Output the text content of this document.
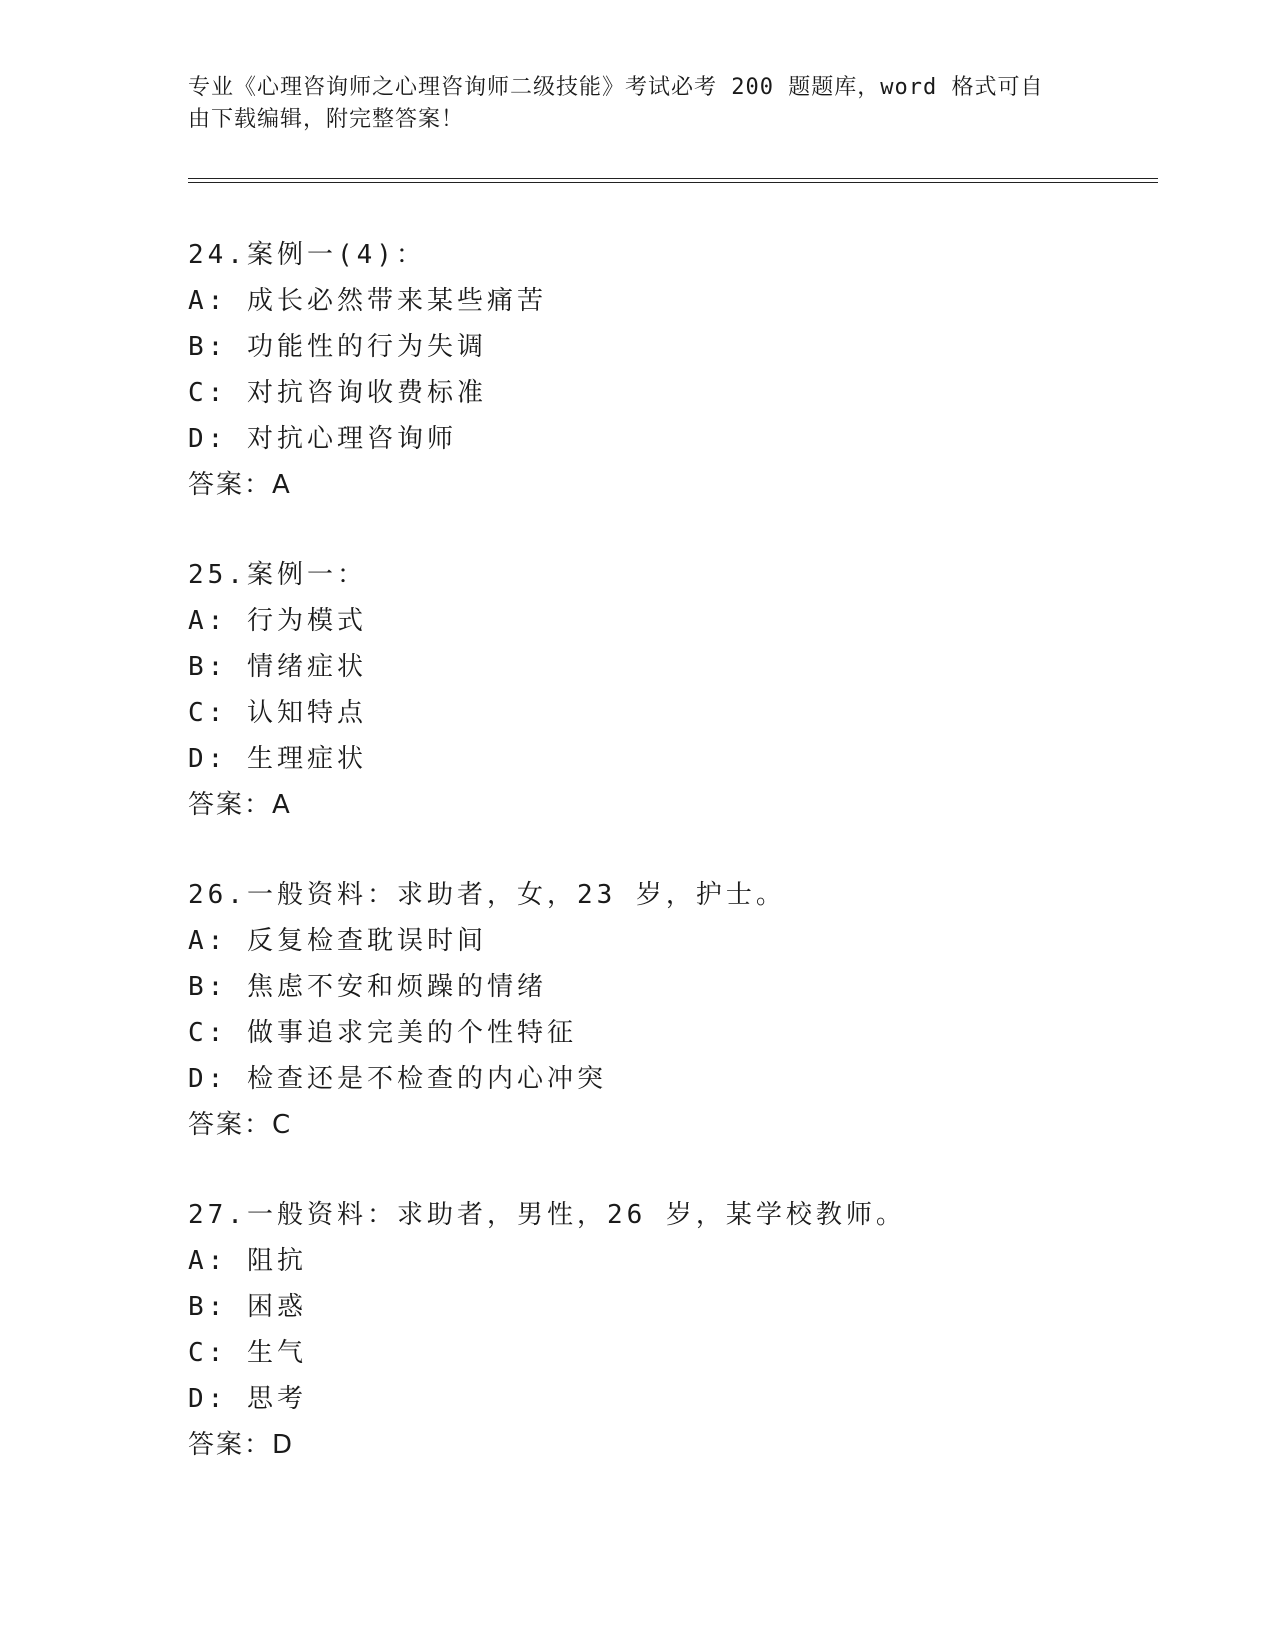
专业《心理咨询师之心理咨询师二级技能》考试必考 200 题题库，word 格式可自
由下载编辑，附完整答案！
24.案例一(4)：
A: 成长必然带来某些痛苦
B: 功能性的行为失调
C: 对抗咨询收费标准
D: 对抗心理咨询师
答案：A
25.案例一：
A: 行为模式
B: 情绪症状
C: 认知特点
D: 生理症状
答案：A
26.一般资料：求助者，女，23 岁，护士。
A: 反复检查耽误时间
B: 焦虑不安和烦躁的情绪
C: 做事追求完美的个性特征
D: 检查还是不检查的内心冲突
答案：C
27.一般资料：求助者，男性，26 岁，某学校教师。
A: 阻抗
B: 困惑
C: 生气
D: 思考
答案：D
